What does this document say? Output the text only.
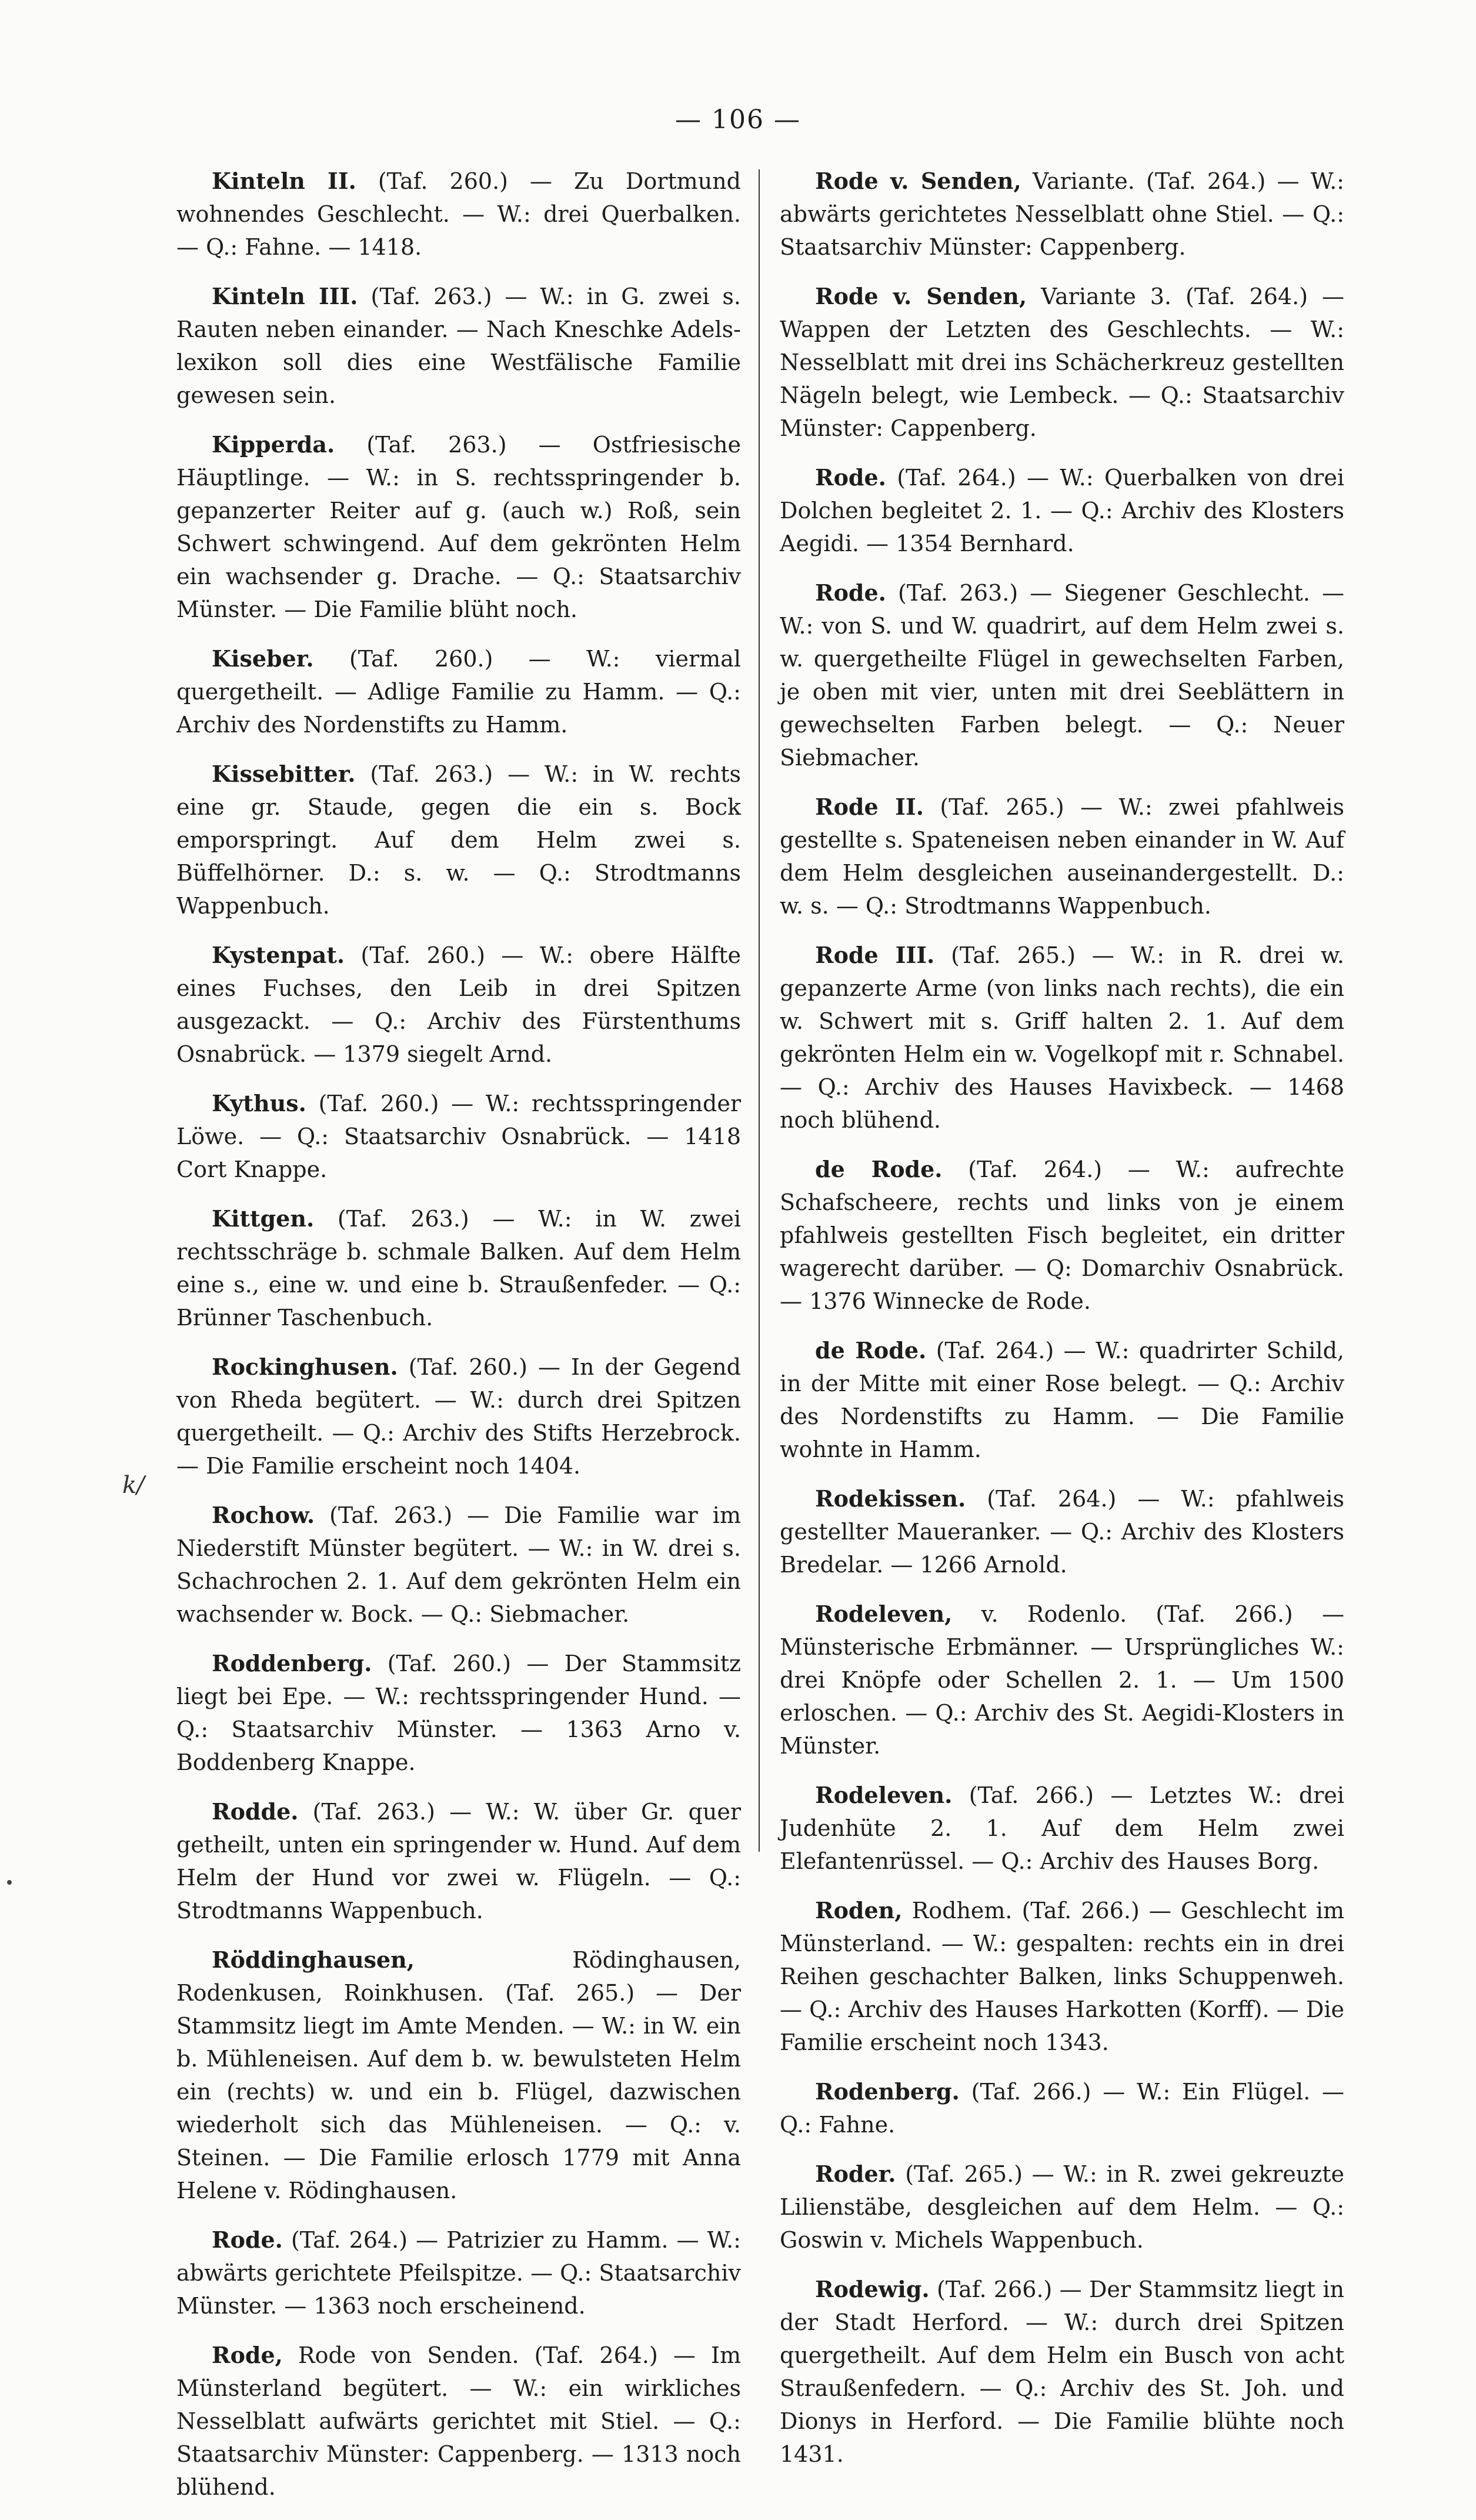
— 106 —
k/

Kinteln II. (Taf. 260.) — Zu Dortmund wohnendes Geschlecht. — W.: drei Querbalken. — Q.: Fahne. — 1418.

Kinteln III. (Taf. 263.) — W.: in G. zwei s. Rauten neben einander. — Nach Kneschke Adels-lexikon soll dies eine Westfälische Familie gewesen sein.

Kipperda. (Taf. 263.) — Ostfriesische Häuptlinge. — W.: in S. rechtsspringender b. gepanzerter Reiter auf g. (auch w.) Roß, sein Schwert schwingend. Auf dem gekrönten Helm ein wachsender g. Drache. — Q.: Staatsarchiv Münster. — Die Familie blüht noch.

Kiseber. (Taf. 260.) — W.: viermal quergetheilt. — Adlige Familie zu Hamm. — Q.: Archiv des Nordenstifts zu Hamm.

Kissebitter. (Taf. 263.) — W.: in W. rechts eine gr. Staude, gegen die ein s. Bock emporspringt. Auf dem Helm zwei s. Büffelhörner. D.: s. w. — Q.: Strodtmanns Wappenbuch.

Kystenpat. (Taf. 260.) — W.: obere Hälfte eines Fuchses, den Leib in drei Spitzen ausgezackt. — Q.: Archiv des Fürstenthums Osnabrück. — 1379 siegelt Arnd.

Kythus. (Taf. 260.) — W.: rechtsspringender Löwe. — Q.: Staatsarchiv Osnabrück. — 1418 Cort Knappe.

Kittgen. (Taf. 263.) — W.: in W. zwei rechtsschräge b. schmale Balken. Auf dem Helm eine s., eine w. und eine b. Straußenfeder. — Q.: Brünner Taschenbuch.

Rockinghusen. (Taf. 260.) — In der Gegend von Rheda begütert. — W.: durch drei Spitzen quergetheilt. — Q.: Archiv des Stifts Herzebrock. — Die Familie erscheint noch 1404.

Rochow. (Taf. 263.) — Die Familie war im Niederstift Münster begütert. — W.: in W. drei s. Schachrochen 2. 1. Auf dem gekrönten Helm ein wachsender w. Bock. — Q.: Siebmacher.

Roddenberg. (Taf. 260.) — Der Stammsitz liegt bei Epe. — W.: rechtsspringender Hund. — Q.: Staatsarchiv Münster. — 1363 Arno v. Boddenberg Knappe.

Rodde. (Taf. 263.) — W.: W. über Gr. quer getheilt, unten ein springender w. Hund. Auf dem Helm der Hund vor zwei w. Flügeln. — Q.: Strodtmanns Wappenbuch.

Röddinghausen,	Rödinghausen, Rodenkusen, Roinkhusen. (Taf. 265.) — Der Stammsitz liegt im Amte Menden. — W.: in W. ein b. Mühleneisen. Auf dem b. w. bewulsteten Helm ein (rechts) w. und ein b. Flügel, dazwischen wiederholt sich das Mühleneisen. — Q.: v. Steinen. — Die Familie erlosch 1779 mit Anna Helene v. Rödinghausen.

Rode. (Taf. 264.) — Patrizier zu Hamm. — W.: abwärts gerichtete Pfeilspitze. — Q.: Staatsarchiv Münster. — 1363 noch erscheinend.

Rode, Rode von Senden. (Taf. 264.) — Im Münsterland begütert. — W.: ein wirkliches Nesselblatt aufwärts gerichtet mit Stiel. — Q.: Staatsarchiv Münster: Cappenberg. — 1313 noch blühend.

Rode v. Senden, Variante. (Taf. 264.) — W.: abwärts gerichtetes Nesselblatt ohne Stiel. — Q.: Staatsarchiv Münster: Cappenberg.

Rode v. Senden, Variante 3. (Taf. 264.) — Wappen der Letzten des Geschlechts. — W.: Nesselblatt mit drei ins Schächerkreuz gestellten Nägeln belegt, wie Lembeck. — Q.: Staatsarchiv Münster: Cappenberg.

Rode. (Taf. 264.) — W.: Querbalken von drei Dolchen begleitet 2. 1. — Q.: Archiv des Klosters Aegidi. — 1354 Bernhard.

Rode. (Taf. 263.) — Siegener Geschlecht. — W.: von S. und W. quadrirt, auf dem Helm zwei s. w. quergetheilte Flügel in gewechselten Farben, je oben mit vier, unten mit drei Seeblättern in gewechselten Farben belegt. — Q.: Neuer Siebmacher.

Rode II. (Taf. 265.) — W.: zwei pfahlweis gestellte s. Spateneisen neben einander in W. Auf dem Helm desgleichen auseinandergestellt. D.: w. s. — Q.: Strodtmanns Wappenbuch.

Rode III. (Taf. 265.) — W.: in R. drei w. gepanzerte Arme (von links nach rechts), die ein w. Schwert mit s. Griff halten 2. 1. Auf dem gekrönten Helm ein w. Vogelkopf mit r. Schnabel. — Q.: Archiv des Hauses Havixbeck. — 1468 noch blühend.

de Rode. (Taf. 264.) — W.: aufrechte Schafscheere, rechts und links von je einem pfahlweis gestellten Fisch begleitet, ein dritter wagerecht darüber. — Q: Domarchiv Osnabrück. — 1376 Winnecke de Rode.

de Rode. (Taf. 264.) — W.: quadrirter Schild, in der Mitte mit einer Rose belegt. — Q.: Archiv des Nordenstifts zu Hamm. — Die Familie wohnte in Hamm.

Rodekissen. (Taf. 264.) — W.: pfahlweis gestellter Maueranker. — Q.: Archiv des Klosters Bredelar. — 1266 Arnold.

Rodeleven, v. Rodenlo. (Taf. 266.) — Münsterische Erbmänner. — Ursprüngliches W.: drei Knöpfe oder Schellen 2. 1. — Um 1500 erloschen. — Q.: Archiv des St. Aegidi-Klosters in Münster.

Rodeleven. (Taf. 266.) — Letztes W.: drei Judenhüte 2. 1. Auf dem Helm zwei Elefantenrüssel. — Q.: Archiv des Hauses Borg.

Roden, Rodhem. (Taf. 266.) — Geschlecht im Münsterland. — W.: gespalten: rechts ein in drei Reihen geschachter Balken, links Schuppenweh. — Q.: Archiv des Hauses Harkotten (Korff). — Die Familie erscheint noch 1343.

Rodenberg. (Taf. 266.) — W.: Ein Flügel. — Q.: Fahne.

Roder. (Taf. 265.) — W.: in R. zwei gekreuzte Lilienstäbe, desgleichen auf dem Helm. — Q.: Goswin v. Michels Wappenbuch.

Rodewig. (Taf. 266.) — Der Stammsitz liegt in der Stadt Herford. — W.: durch drei Spitzen quergetheilt. Auf dem Helm ein Busch von acht Straußenfedern. — Q.: Archiv des St. Joh. und Dionys in Herford. — Die Familie blühte noch 1431.
